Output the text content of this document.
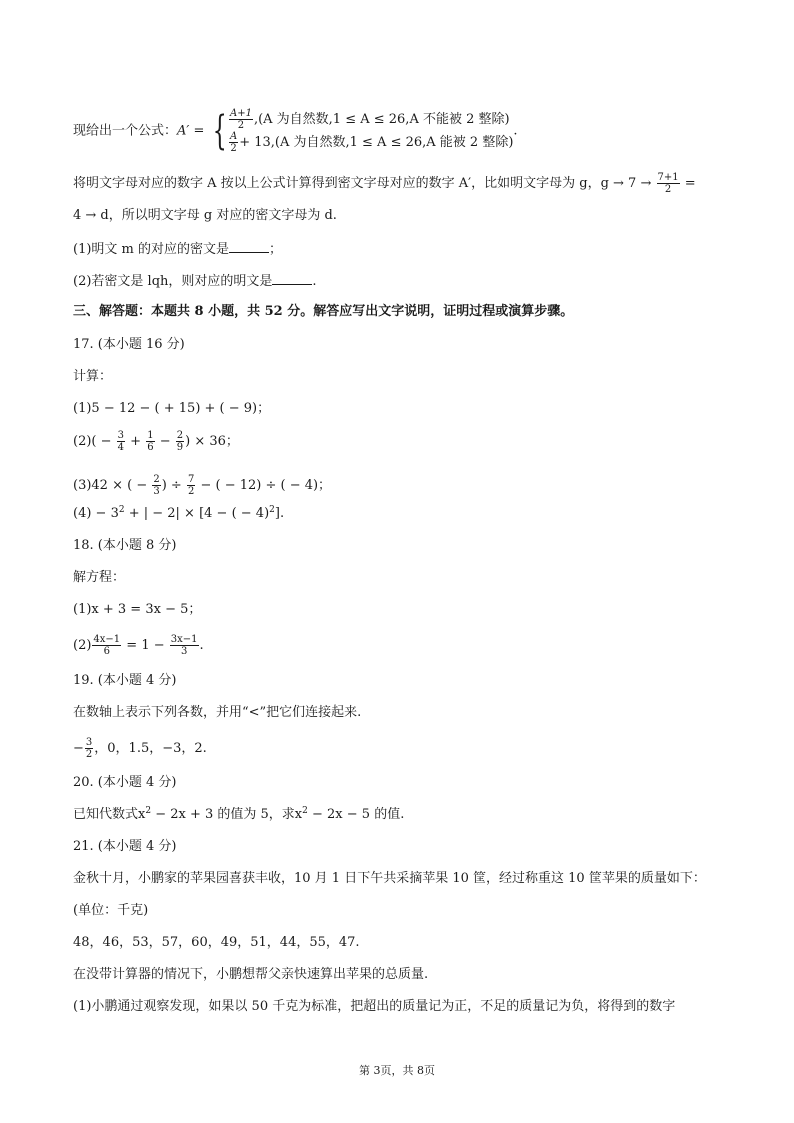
现给出一个公式：A′ = { $\frac{A+1}{2} ,(A$ 为自然数,1 ≤ A ≤ 26,A 不能被 2 整除)
$\frac{A}{2} + 13,(A$ 为自然数,1 ≤ A ≤ 26,A 能被 2 整除)
.
将明文字母对应的数字 A 按以上公式计算得到密文字母对应的数字 A′，比如明文字母为 g，$g \to 7 \to \frac{7+1}{2}$ =
4 → d，所以明文字母 g 对应的密文字母为 d.
(1)明文 m 的对应的密文是	；
(2)若密文是 lqh，则对应的明文是	.
三、解答题：本题共 8 小题，共 52 分。解答应写出文字说明，证明过程或演算步骤。
17. (本小题 16 分)
计算：
(1)5 − 12 − ( + 15) + ( − 9)；
$(2)( - \frac{3}{4} + \frac{1}{6} - \frac{2}{9}$ ) × 36；
(3)42 × ( − $\frac{2}{3}$ ) ÷ $\frac{7}{2}$ − ( − 12) ÷ ( − 4)；
$(4) - 3^2$ + | − 2| × [4 − ( − 4)$^2$].
18. (本小题 8 分)
解方程：
(1)x + 3 = 3x − 5；
$(2) \frac{4x-1}{6} = 1 - \frac{3x-1}{3}$ .
19. (本小题 4 分)
在数轴上表示下列各数，并用“<”把它们连接起来.
− $\frac{3}{2}$ ，0，1.5，−3，2.
20. (本小题 4 分)
已知代数式$x^2 - 2x + 3$ 的值为 5，求$x^2 - 2x - 5$ 的值.
21. (本小题 4 分)
金秋十月，小鹏家的苹果园喜获丰收，10 月 1 日下午共采摘苹果 10 筐，经过称重这 10 筐苹果的质量如下：
(单位：千克)
48，46，53，57，60，49，51，44，55，47.
在没带计算器的情况下，小鹏想帮父亲快速算出苹果的总质量.
(1)小鹏通过观察发现，如果以 50 千克为标准，把超出的质量记为正，不足的质量记为负，将得到的数字
第 3页，共 8页
